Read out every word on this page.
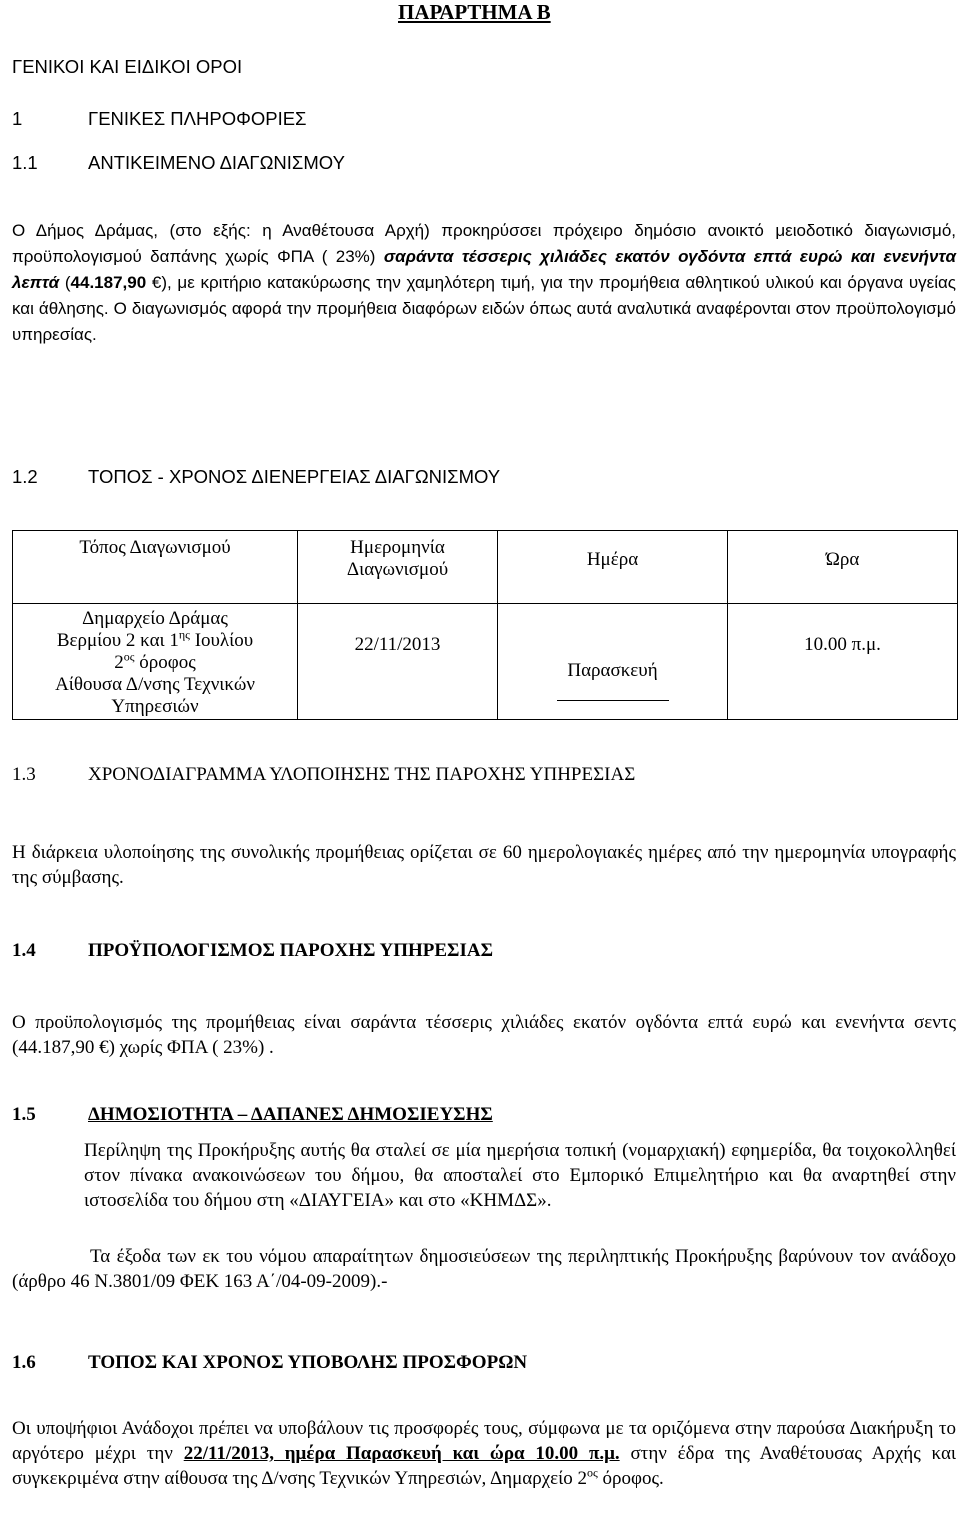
ΠΑΡΑΡΤΗΜΑ Β
ΓΕΝΙΚΟΙ ΚΑΙ ΕΙΔΙΚΟΙ ΟΡΟΙ
1	ΓΕΝΙΚΕΣ ΠΛΗΡΟΦΟΡΙΕΣ
1.1	ΑΝΤΙΚΕΙΜΕΝΟ ΔΙΑΓΩΝΙΣΜΟΥ

Ο Δήμος Δράμας, (στο εξής: η Αναθέτουσα Αρχή) προκηρύσσει πρόχειρο δημόσιο ανοικτό μειοδοτικό διαγωνισμό, προϋπολογισμού δαπάνης χωρίς ΦΠΑ ( 23%) σαράντα τέσσερις χιλιάδες εκατόν ογδόντα επτά ευρώ και ενενήντα λεπτά (44.187,90 €), με κριτήριο κατακύρωσης την χαμηλότερη τιμή, για την προμήθεια αθλητικού υλικού και όργανα υγείας και άθλησης. Ο διαγωνισμός αφορά την προμήθεια διαφόρων ειδών όπως αυτά αναλυτικά αναφέρονται στον προϋπολογισμό υπηρεσίας.

1.2	ΤΟΠΟΣ - ΧΡΟΝΟΣ ΔΙΕΝΕΡΓΕΙΑΣ ΔΙΑΓΩΝΙΣΜΟΥ
Τόπος Διαγωνισμού	Ημερομηνία Διαγωνισμού	Ημέρα	Ώρα

Δημαρχείο Δράμας
Βερμίου 2 και $1^{\eta\varsigma}$ Ιουλίου
$2^{o\varsigma}$ όροφος
Αίθουσα Δ/νσης Τεχνικών Υπηρεσιών	22/11/2013	Παρασκευή	10.00 π.μ.
1.3	ΧΡΟΝΟΔΙΑΓΡΑΜΜΑ ΥΛΟΠΟΙΗΣΗΣ ΤΗΣ ΠΑΡΟΧΗΣ ΥΠΗΡΕΣΙΑΣ

Η διάρκεια υλοποίησης της συνολικής προμήθειας ορίζεται σε 60 ημερολογιακές ημέρες από την ημερομηνία υπογραφής της σύμβασης.

1.4	ΠΡΟΫΠΟΛΟΓΙΣΜΟΣ ΠΑΡΟΧΗΣ ΥΠΗΡΕΣΙΑΣ

Ο προϋπολογισμός της προμήθειας είναι σαράντα τέσσερις χιλιάδες εκατόν ογδόντα επτά ευρώ και ενενήντα σεντς (44.187,90 €) χωρίς ΦΠΑ ( 23%) .

1.5	ΔΗΜΟΣΙΟΤΗΤΑ – ΔΑΠΑΝΕΣ ΔΗΜΟΣΙΕΥΣΗΣ

Περίληψη της Προκήρυξης αυτής θα σταλεί σε μία ημερήσια τοπική (νομαρχιακή) εφημερίδα, θα τοιχοκολληθεί στον πίνακα ανακοινώσεων του δήμου, θα αποσταλεί στο Εμπορικό Επιμελητήριο και θα αναρτηθεί στην ιστοσελίδα του δήμου στη «ΔΙΑΥΓΕΙΑ» και στο «ΚΗΜΔΣ».

Τα έξοδα των εκ του νόμου απαραίτητων δημοσιεύσεων της περιληπτικής Προκήρυξης βαρύνουν τον ανάδοχο (άρθρο 46 Ν.3801/09 ΦΕΚ 163 Α΄/04-09-2009).-

1.6	ΤΟΠΟΣ ΚΑΙ ΧΡΟΝΟΣ ΥΠΟΒΟΛΗΣ ΠΡΟΣΦΟΡΩΝ

Οι υποψήφιοι Ανάδοχοι πρέπει να υποβάλουν τις προσφορές τους, σύμφωνα με τα οριζόμενα στην παρούσα Διακήρυξη το αργότερο μέχρι την 22/11/2013, ημέρα Παρασκευή και ώρα 10.00 π.μ. στην έδρα της Αναθέτουσας Αρχής και συγκεκριμένα στην αίθουσα της Δ/νσης Τεχνικών Υπηρεσιών, Δημαρχείο $2^{o\varsigma}$ όροφος.
